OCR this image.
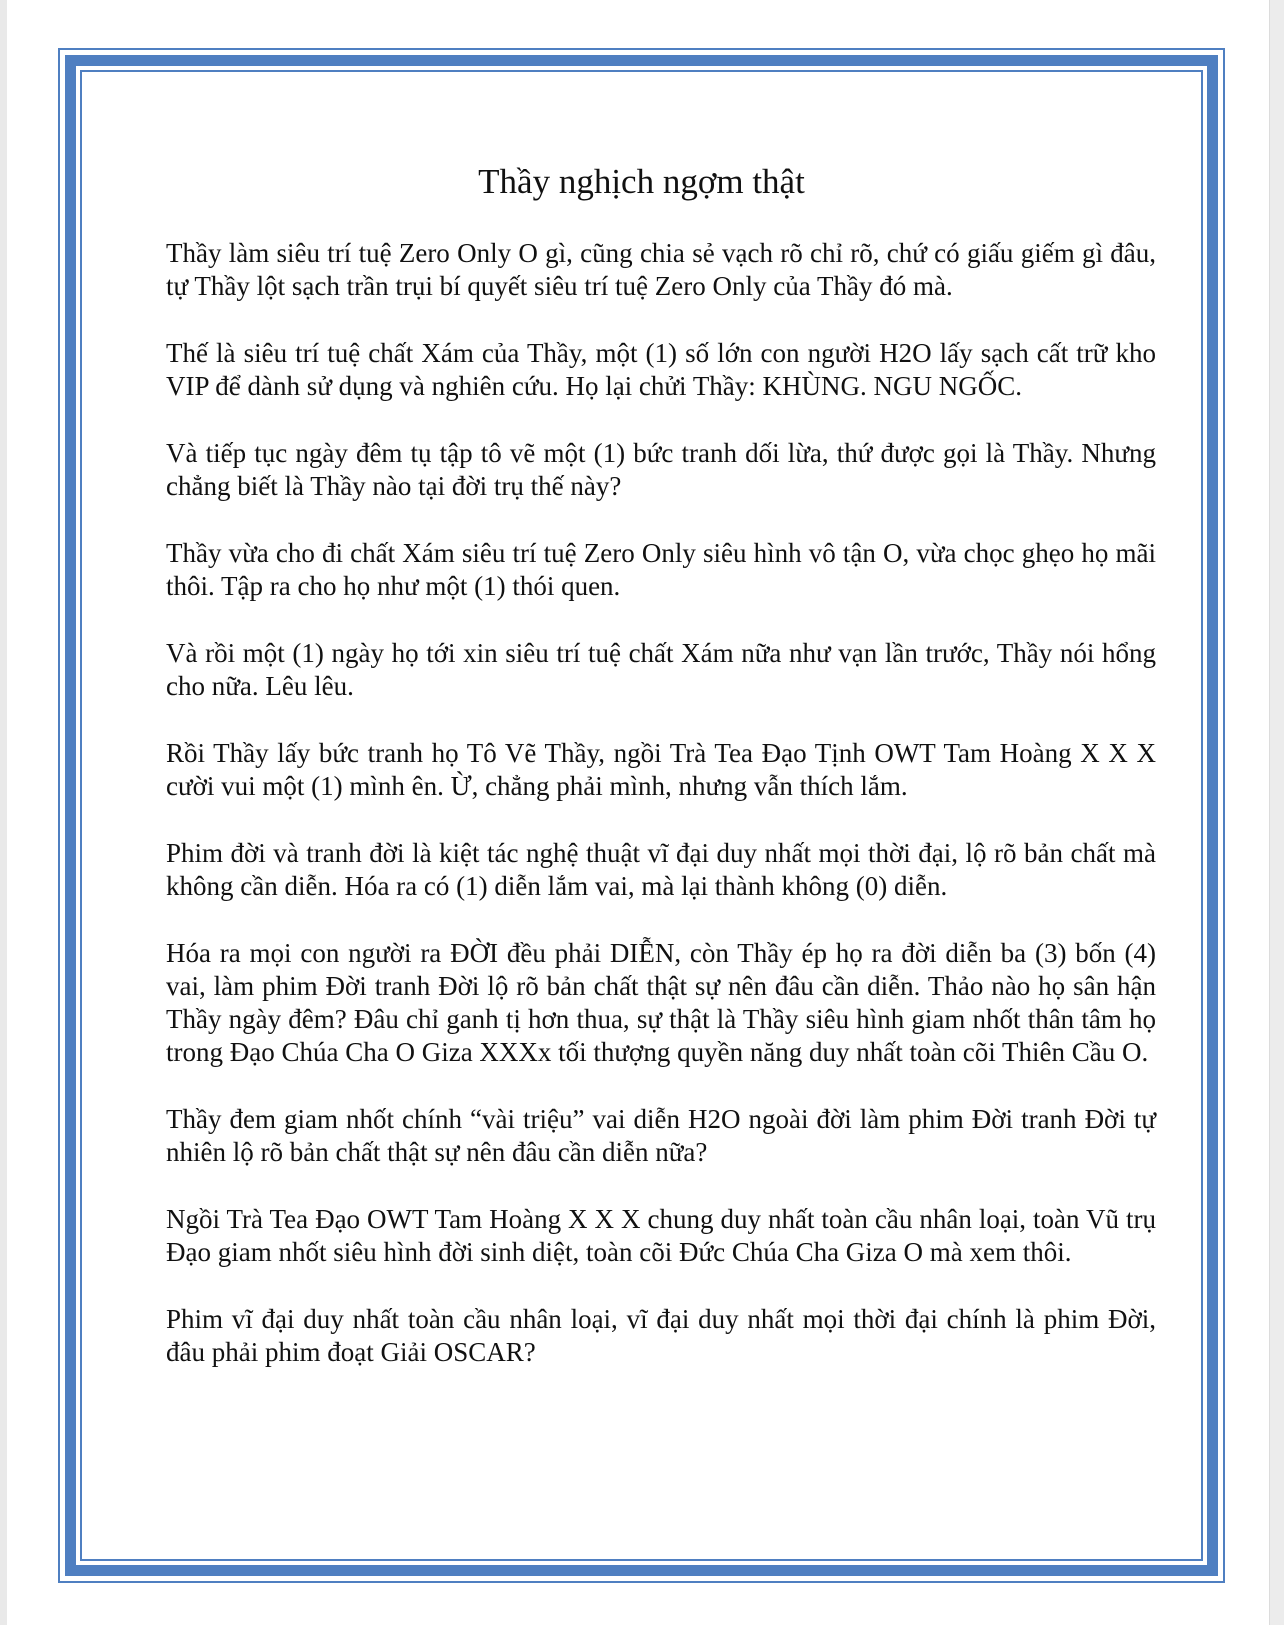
Thầy nghịch ngợm thật

Thầy làm siêu trí tuệ Zero Only O gì, cũng chia sẻ vạch rõ chỉ rõ, chứ có giấu giếm gì đâu, tự Thầy lột sạch trần trụi bí quyết siêu trí tuệ Zero Only của Thầy đó mà.

Thế là siêu trí tuệ chất Xám của Thầy, một (1) số lớn con người H2O lấy sạch cất trữ kho VIP để dành sử dụng và nghiên cứu. Họ lại chửi Thầy: KHÙNG. NGU NGỐC.

Và tiếp tục ngày đêm tụ tập tô vẽ một (1) bức tranh dối lừa, thứ được gọi là Thầy. Nhưng chẳng biết là Thầy nào tại đời trụ thế này?

Thầy vừa cho đi chất Xám siêu trí tuệ Zero Only siêu hình vô tận O, vừa chọc ghẹo họ mãi thôi. Tập ra cho họ như một (1) thói quen.

Và rồi một (1) ngày họ tới xin siêu trí tuệ chất Xám nữa như vạn lần trước, Thầy nói hổng cho nữa. Lêu lêu.

Rồi Thầy lấy bức tranh họ Tô Vẽ Thầy, ngồi Trà Tea Đạo Tịnh OWT Tam Hoàng X X X cười vui một (1) mình ên. Ừ, chẳng phải mình, nhưng vẫn thích lắm.

Phim đời và tranh đời là kiệt tác nghệ thuật vĩ đại duy nhất mọi thời đại, lộ rõ bản chất mà không cần diễn. Hóa ra có (1) diễn lắm vai, mà lại thành không (0) diễn.

Hóa ra mọi con người ra ĐỜI đều phải DIỄN, còn Thầy ép họ ra đời diễn ba (3) bốn (4) vai, làm phim Đời tranh Đời lộ rõ bản chất thật sự nên đâu cần diễn. Thảo nào họ sân hận Thầy ngày đêm? Đâu chỉ ganh tị hơn thua, sự thật là Thầy siêu hình giam nhốt thân tâm họ trong Đạo Chúa Cha O Giza XXXx tối thượng quyền năng duy nhất toàn cõi Thiên Cầu O.

Thầy đem giam nhốt chính “vài triệu” vai diễn H2O ngoài đời làm phim Đời tranh Đời tự nhiên lộ rõ bản chất thật sự nên đâu cần diễn nữa?

Ngồi Trà Tea Đạo OWT Tam Hoàng X X X chung duy nhất toàn cầu nhân loại, toàn Vũ trụ Đạo giam nhốt siêu hình đời sinh diệt, toàn cõi Đức Chúa Cha Giza O mà xem thôi.

Phim vĩ đại duy nhất toàn cầu nhân loại, vĩ đại duy nhất mọi thời đại chính là phim Đời, đâu phải phim đoạt Giải OSCAR?
